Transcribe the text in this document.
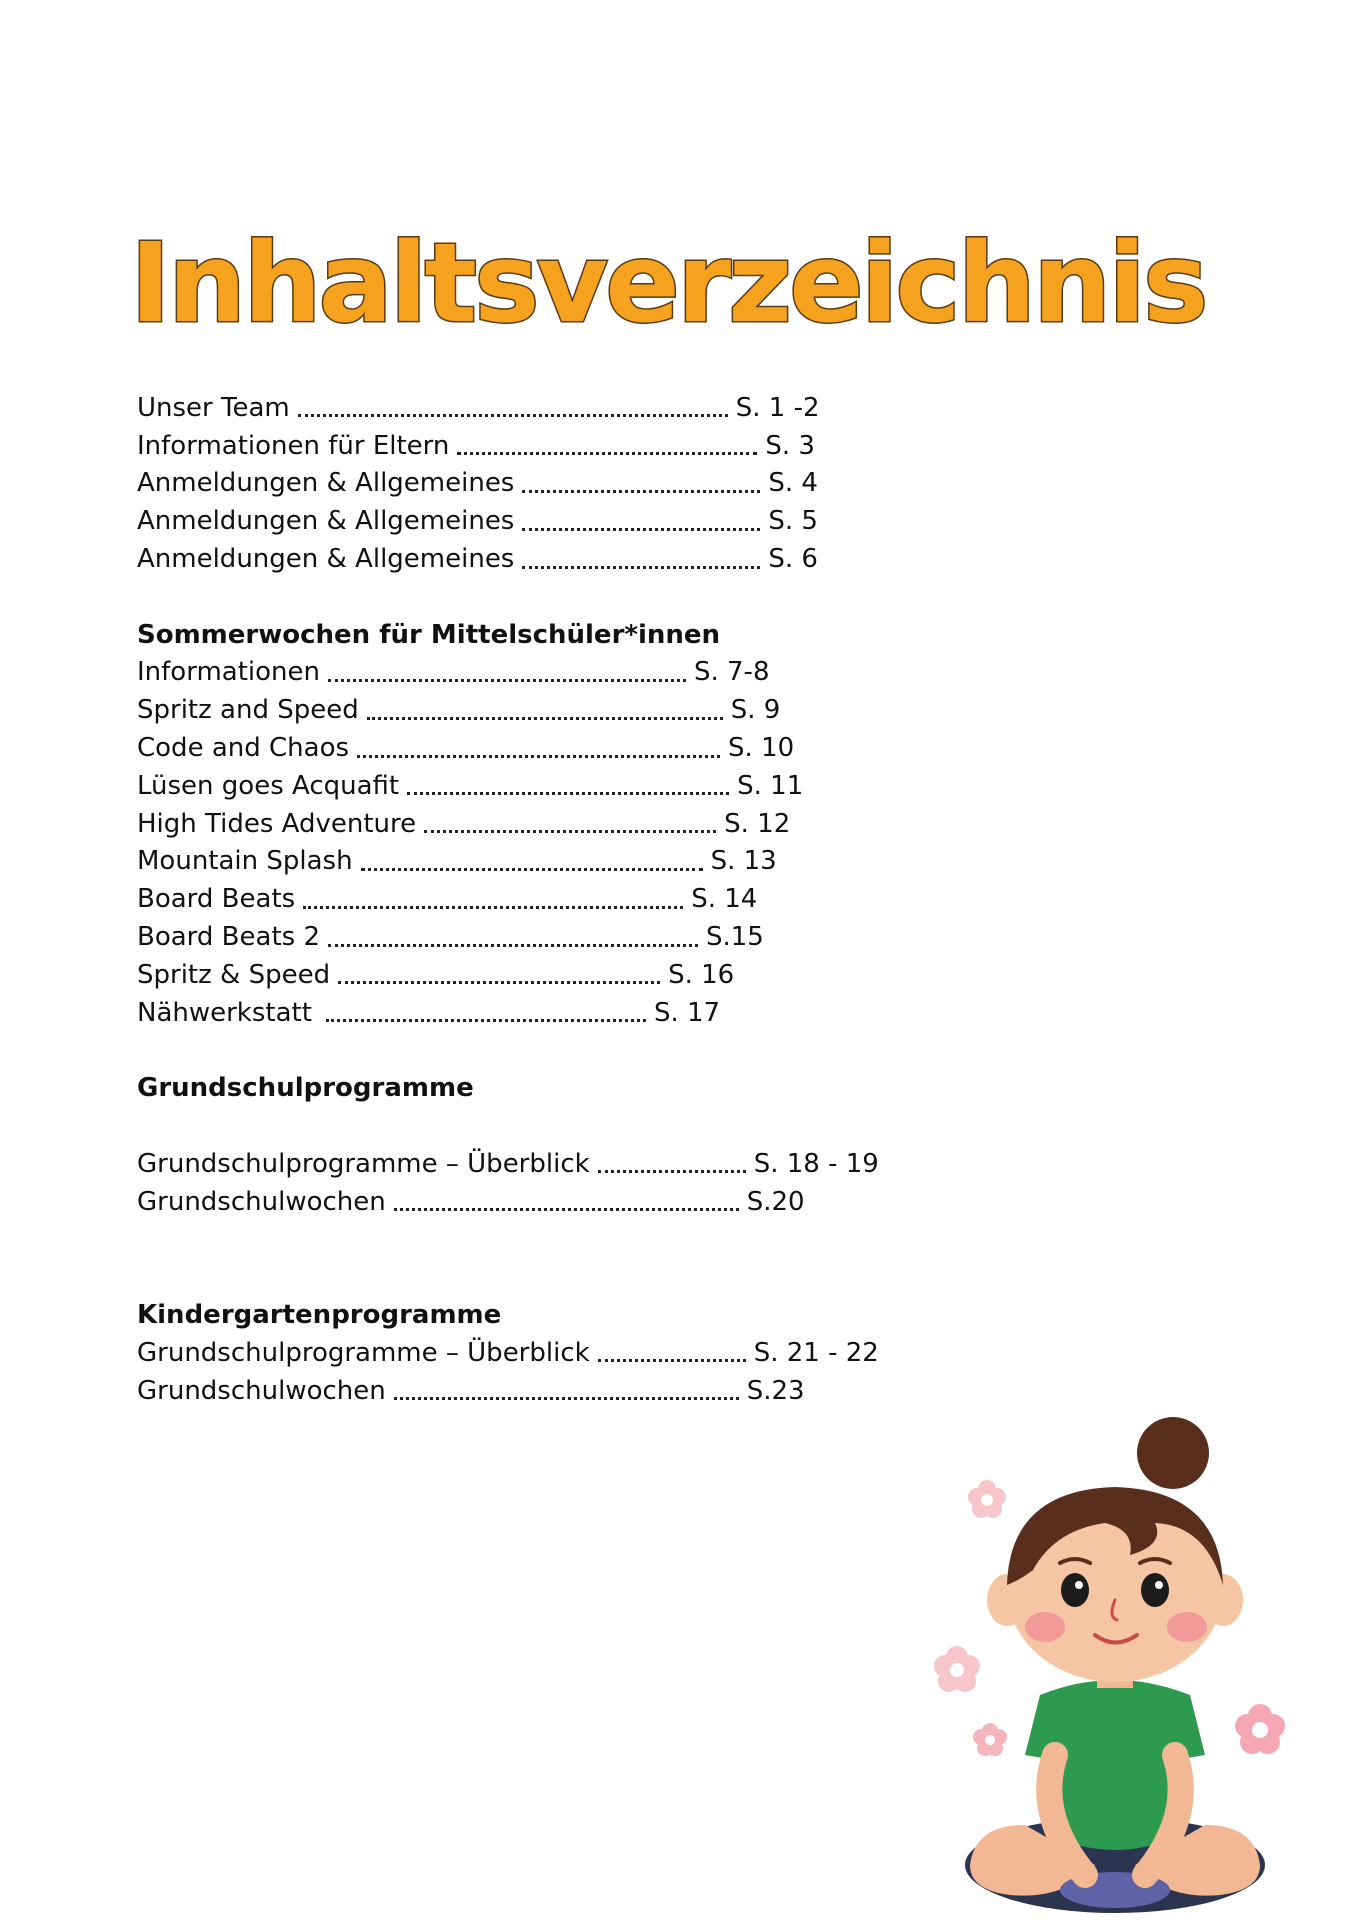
Inhaltsverzeichnis
Unser Team	S. 1 -2
Informationen für Eltern	S. 3
Anmeldungen & Allgemeines	S. 4
Anmeldungen & Allgemeines	S. 5
Anmeldungen & Allgemeines	S. 6
Sommerwochen für Mittelschüler*innen
Informationen	S. 7-8
Spritz and Speed	S. 9
Code and Chaos	S. 10
Lüsen goes Acquafit	S. 11
High Tides Adventure	S. 12
Mountain Splash	S. 13
Board Beats	S. 14
Board Beats 2	S.15
Spritz & Speed	S. 16
Nähwerkstatt	S. 17
Grundschulprogramme
Grundschulprogramme – Überblick	S. 18 - 19
Grundschulwochen	S.20
Kindergartenprogramme
Grundschulprogramme – Überblick	S. 21 - 22
Grundschulwochen	S.23
